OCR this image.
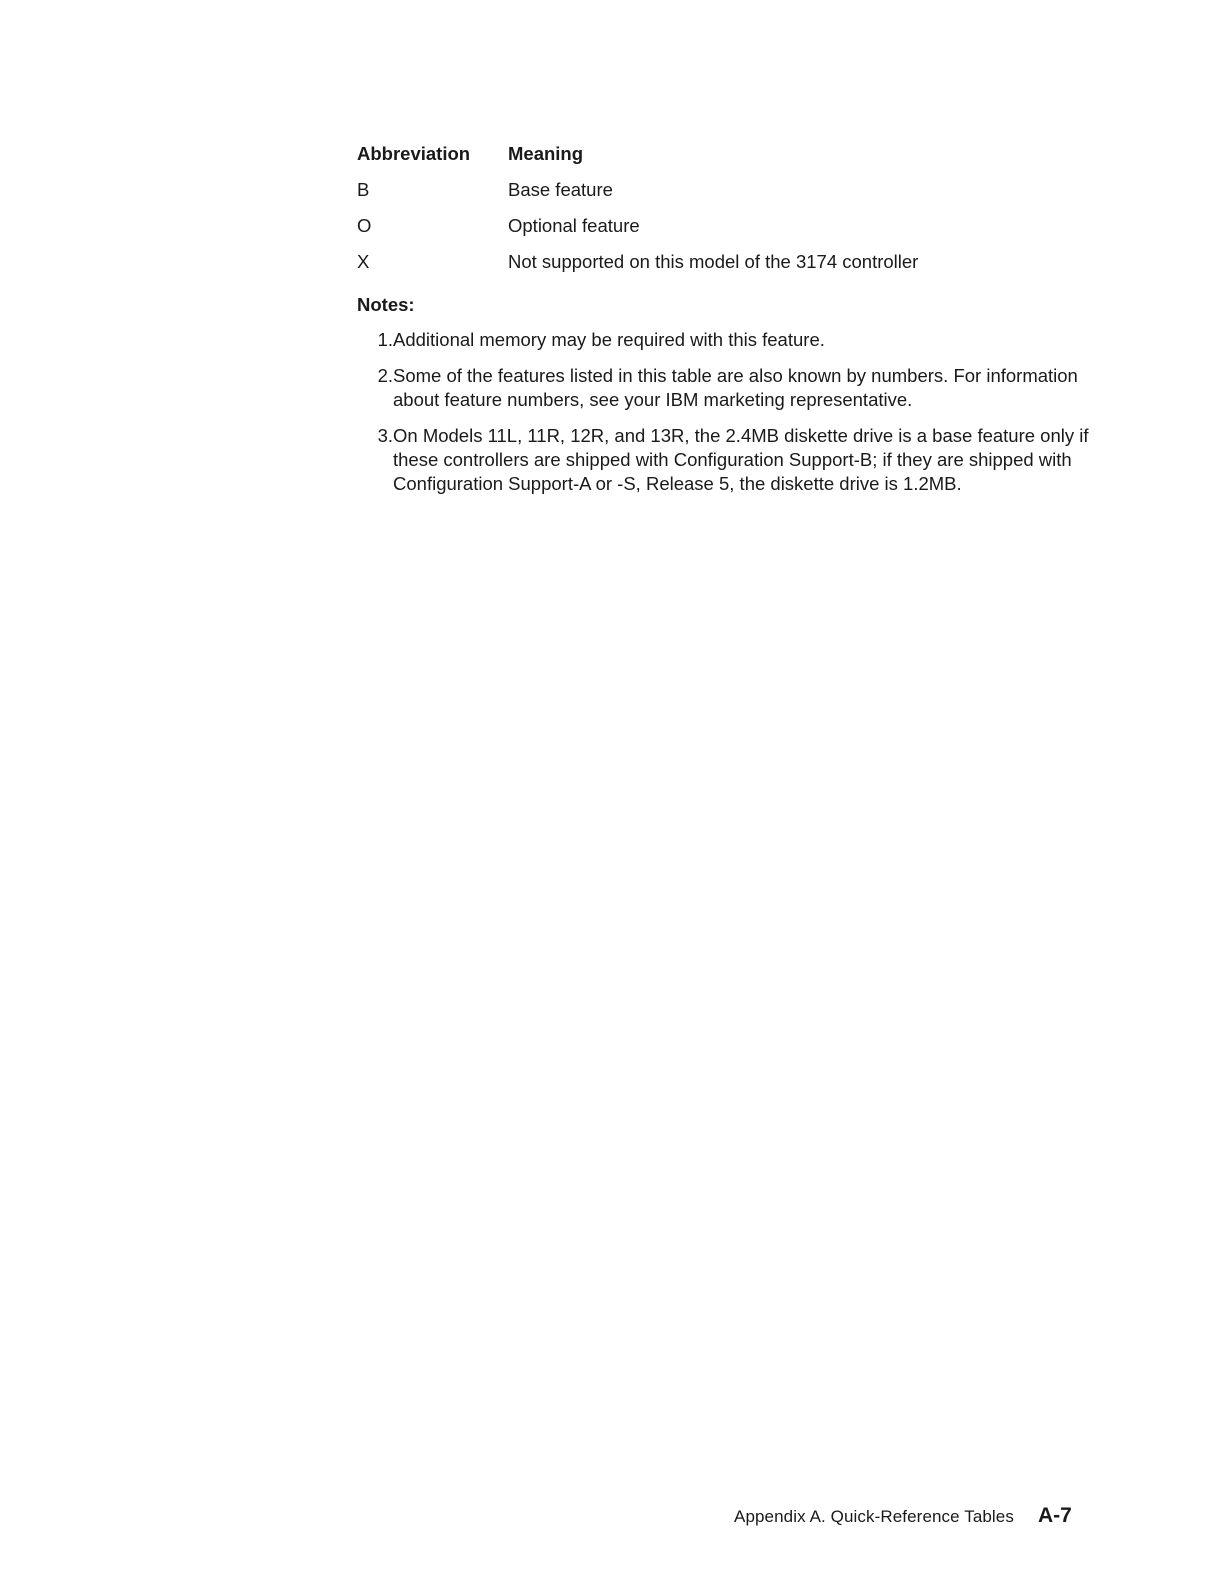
Abbreviation	Meaning
B	Base feature
O	Optional feature
X	Not supported on this model of the 3174 controller
Notes:
1. Additional memory may be required with this feature.
2. Some of the features listed in this table are also known by numbers. For information about feature numbers, see your IBM marketing representative.
3. On Models 11L, 11R, 12R, and 13R, the 2.4MB diskette drive is a base feature only if these controllers are shipped with Configuration Support-B; if they are shipped with Configuration Support-A or -S, Release 5, the diskette drive is 1.2MB.
Appendix A. Quick-Reference Tables A-7
